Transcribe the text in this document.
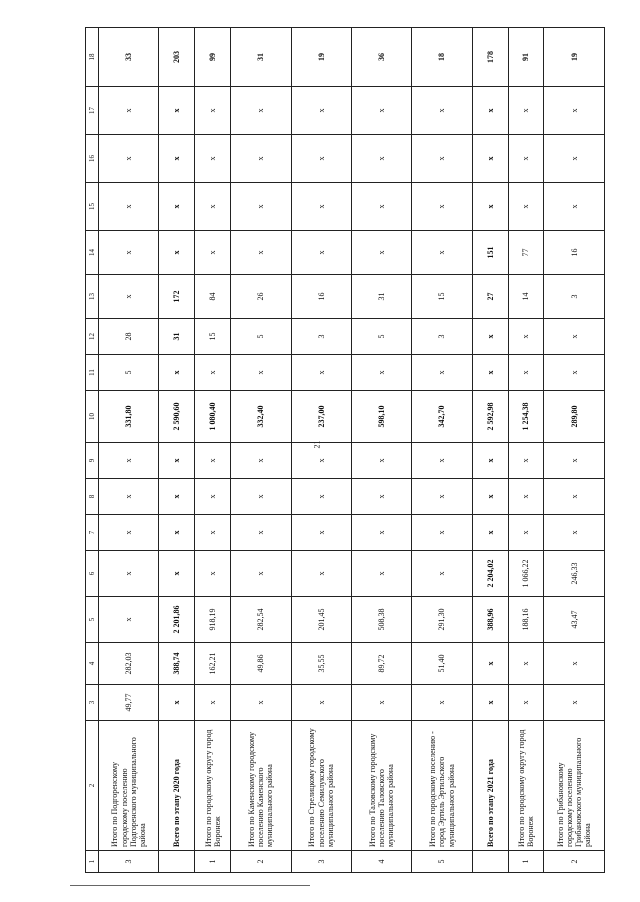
21
1	2	3	4	5	6	7	8	9	10	11	12	13	14	15	16	17	18
3	Итого по Подгоренскому городскому поселению Подгоренского муниципального района	49,77	282,03	х	х	х	х	х	331,80	5	28	х	х	х	х	х	33
	Всего по этапу 2020 года	х	388,74	2 201,86	х	х	х	х	2 590,60	х	31	172	х	х	х	х	203
1	Итого по городскому округу город Воронеж	х	162,21	918,19	х	х	х	х	1 080,40	х	15	84	х	х	х	х	99
2	Итого по Каменскому городскому поселению Каменского муниципального района	х	49,86	282,54	х	х	х	х	332,40	х	5	26	х	х	х	х	31
3	Итого по Стрелицкому городскому поселению Семилукского муниципального района	х	35,55	201,45	х	х	х	х	237,00	х	3	16	х	х	х	х	19
4	Итого по Таловскому городскому поселению Таловского муниципального района	х	89,72	508,38	х	х	х	х	598,10	х	5	31	х	х	х	х	36
5	Итого по городскому поселению - город Эртиль Эртильского муниципального района	х	51,40	291,30	х	х	х	х	342,70	х	3	15	х	х	х	х	18
	Всего по этапу 2021 года	х	х	388,96	2 204,02	х	х	х	2 592,98	х	х	27	151	х	х	х	178
1	Итого по городскому округу город Воронеж	х	х	188,16	1 066,22	х	х	х	1 254,38	х	х	14	77	х	х	х	91
2	Итого по Грибановскому городскому поселению Грибановского муниципального района	х	х	43,47	246,33	х	х	х	289,80	х	х	3	16	х	х	х	19
